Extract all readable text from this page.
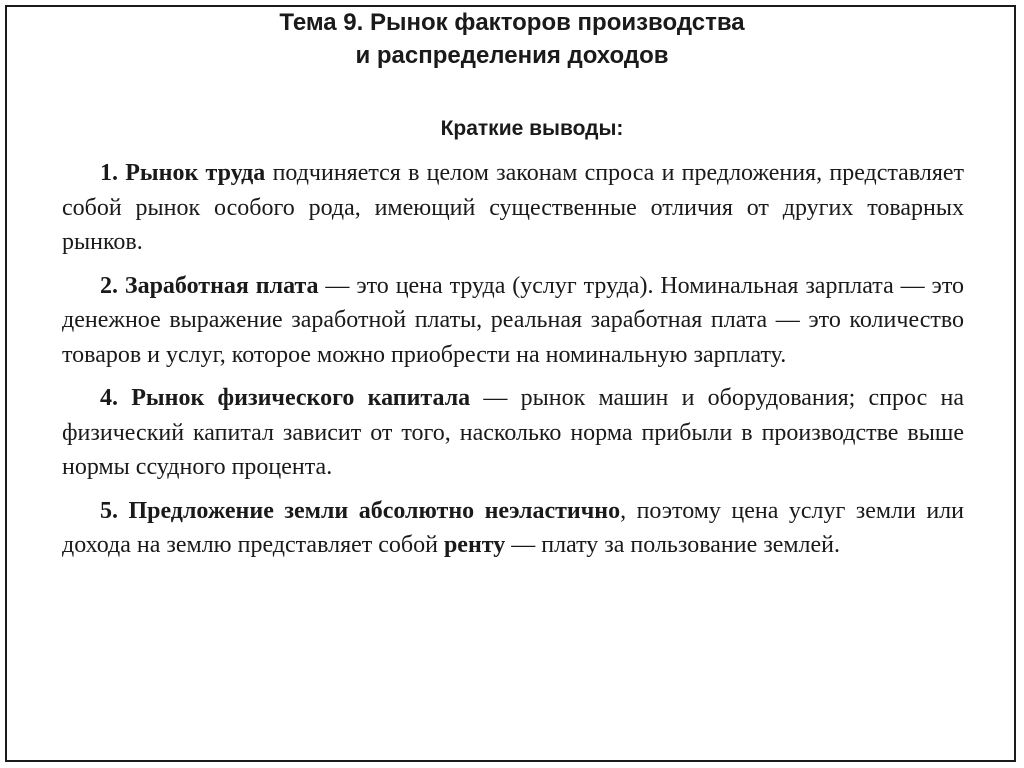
Тема 9. Рынок факторов производства
и распределения доходов

Краткие выводы:

1. Рынок труда подчиняется в целом законам спроса и предложения, представляет собой рынок особого рода, имеющий существенные отличия от других товарных рынков.

2. Заработная плата — это цена труда (услуг труда). Номинальная зарплата — это денежное выражение заработной платы, реальная заработная плата — это количество товаров и услуг, которое можно приобрести на номинальную зарплату.

4. Рынок физического капитала — рынок машин и оборудования; спрос на физический капитал зависит от того, насколько норма прибыли в производстве выше нормы ссудного процента.

5. Предложение земли абсолютно неэластично, поэтому цена услуг земли или дохода на землю представляет собой ренту — плату за пользование землей.
